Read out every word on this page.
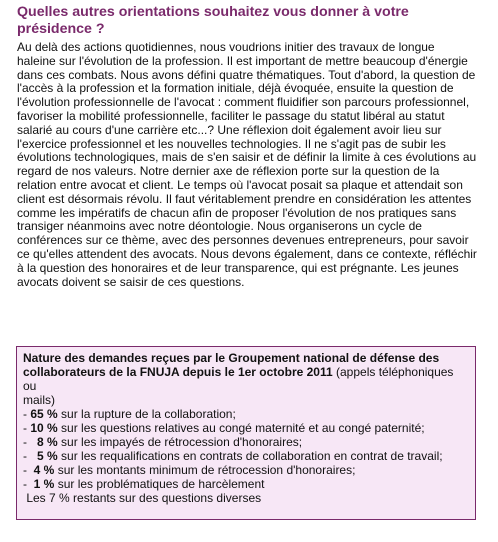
Quelles autres orientations souhaitez vous donner à votre
présidence ?
Au delà des actions quotidiennes, nous voudrions initier des travaux de longue
haleine sur l'évolution de la profession. Il est important de mettre beaucoup d'énergie
dans ces combats. Nous avons défini quatre thématiques. Tout d'abord, la question de
l'accès à la profession et la formation initiale, déjà évoquée, ensuite la question de
l'évolution professionnelle de l'avocat : comment fluidifier son parcours professionnel,
favoriser la mobilité professionnelle, faciliter le passage du statut libéral au statut
salarié au cours d'une carrière etc...? Une réflexion doit également avoir lieu sur
l'exercice professionnel et les nouvelles technologies. Il ne s'agit pas de subir les
évolutions technologiques, mais de s'en saisir et de définir la limite à ces évolutions au
regard de nos valeurs. Notre dernier axe de réflexion porte sur la question de la
relation entre avocat et client. Le temps où l'avocat posait sa plaque et attendait son
client est désormais révolu. Il faut véritablement prendre en considération les attentes
comme les impératifs de chacun afin de proposer l'évolution de nos pratiques sans
transiger néanmoins avec notre déontologie. Nous organiserons un cycle de
conférences sur ce thème, avec des personnes devenues entrepreneurs, pour savoir
ce qu'elles attendent des avocats. Nous devons également, dans ce contexte, réfléchir
à la question des honoraires et de leur transparence, qui est prégnante. Les jeunes
avocats doivent se saisir de ces questions.
Nature des demandes reçues par le Groupement national de défense des
collaborateurs de la FNUJA depuis le 1er octobre 2011 (appels téléphoniques ou
mails)
- 65 % sur la rupture de la collaboration;
- 10 % sur les questions relatives au congé maternité et au congé paternité;
-   8 % sur les impayés de rétrocession d'honoraires;
-   5 % sur les requalifications en contrats de collaboration en contrat de travail;
-  4 % sur les montants minimum de rétrocession d'honoraires;
-  1 % sur les problématiques de harcèlement
Les 7 % restants sur des questions diverses
